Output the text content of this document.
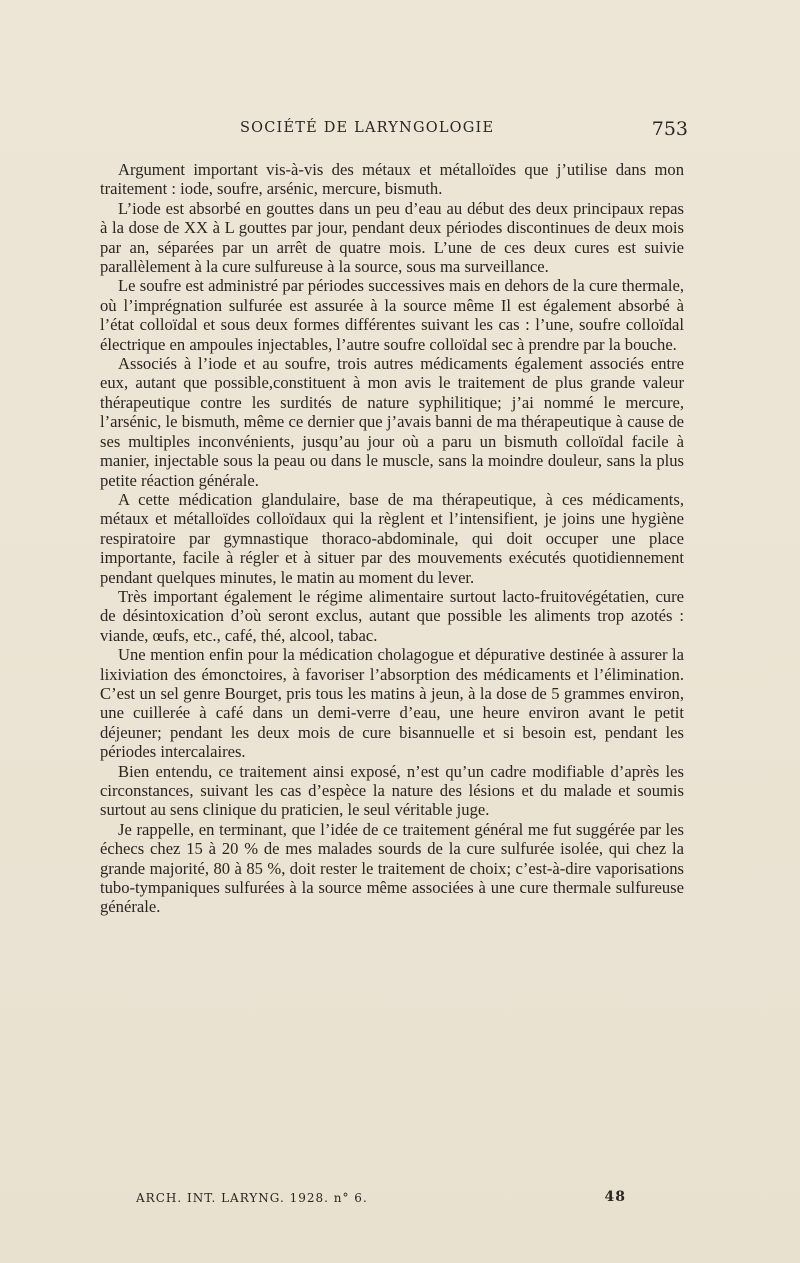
SOCIÉTÉ DE LARYNGOLOGIE	753

Argument important vis-à-vis des métaux et métalloïdes que j’utilise dans mon traitement : iode, soufre, arsénic, mercure, bismuth.

L’iode est absorbé en gouttes dans un peu d’eau au début des deux principaux repas à la dose de XX à L gouttes par jour, pendant deux périodes discontinues de deux mois par an, séparées par un arrêt de quatre mois. L’une de ces deux cures est suivie parallèlement à la cure sulfureuse à la source, sous ma surveillance.

Le soufre est administré par périodes successives mais en dehors de la cure thermale, où l’imprégnation sulfurée est assurée à la source même Il est également absorbé à l’état colloïdal et sous deux formes différentes suivant les cas : l’une, soufre colloïdal électrique en ampoules injectables, l’autre soufre colloïdal sec à prendre par la bouche.

Associés à l’iode et au soufre, trois autres médicaments également associés entre eux, autant que possible,constituent à mon avis le traitement de plus grande valeur thérapeutique contre les surdités de nature syphilitique; j’ai nommé le mercure, l’arsénic, le bismuth, même ce dernier que j’avais banni de ma thérapeutique à cause de ses multiples inconvénients, jusqu’au jour où a paru un bismuth colloïdal facile à manier, injectable sous la peau ou dans le muscle, sans la moindre douleur, sans la plus petite réaction générale.

A cette médication glandulaire, base de ma thérapeutique, à ces médicaments, métaux et métalloïdes colloïdaux qui la règlent et l’intensifient, je joins une hygiène respiratoire par gymnastique thoraco-abdominale, qui doit occuper une place importante, facile à régler et à situer par des mouvements exécutés quotidiennement pendant quelques minutes, le matin au moment du lever.

Très important également le régime alimentaire surtout lacto-fruitovégétatien, cure de désintoxication d’où seront exclus, autant que possible les aliments trop azotés : viande, œufs, etc., café, thé, alcool, tabac.

Une mention enfin pour la médication cholagogue et dépurative destinée à assurer la lixiviation des émonctoires, à favoriser l’absorption des médicaments et l’élimination. C’est un sel genre Bourget, pris tous les matins à jeun, à la dose de 5 grammes environ, une cuillerée à café dans un demi-verre d’eau, une heure environ avant le petit déjeuner; pendant les deux mois de cure bisannuelle et si besoin est, pendant les périodes intercalaires.

Bien entendu, ce traitement ainsi exposé, n’est qu’un cadre modifiable d’après les circonstances, suivant les cas d’espèce la nature des lésions et du malade et soumis surtout au sens clinique du praticien, le seul véritable juge.

Je rappelle, en terminant, que l’idée de ce traitement général me fut suggérée par les échecs chez 15 à 20 % de mes malades sourds de la cure sulfurée isolée, qui chez la grande majorité, 80 à 85 %, doit rester le traitement de choix; c’est-à-dire vaporisations tubo-tympaniques sulfurées à la source même associées à une cure thermale sulfureuse générale.

ARCH. INT. LARYNG. 1928. n° 6.	48
